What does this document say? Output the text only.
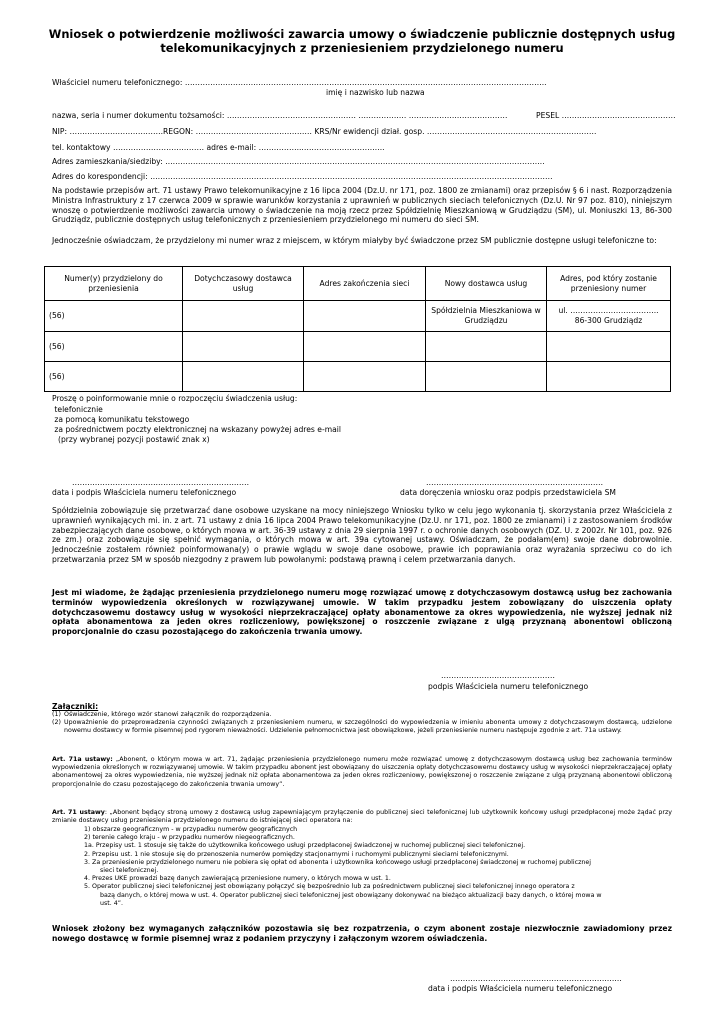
Wniosek o potwierdzenie możliwości zawarcia umowy o świadczenie publicznie dostępnych usług
telekomunikacyjnych z przeniesieniem przydzielonego numeru
Właściciel numeru telefonicznego: ……………………………………………………………………………………………………………………………..
imię i nazwisko lub nazwa
nazwa, seria i numer dokumentu tożsamości: …………………………………………… ………………. …………………………………	PESEL ………………………………………
NIP: ……………………………….REGON: ………………………………………. KRS/Nr ewidencji dział. gosp. ………………………………………………………….
tel. kontaktowy ……………………………… adres e-mail: ……………...…………………………..
Adres zamieszkania/siedziby: ……………………………………………………………………………………………………………………………………
Adres do korespondencji: ……………………………………………………………………………………………………………………………………………
Na podstawie przepisów art. 71 ustawy Prawo telekomunikacyjne z 16 lipca 2004 (Dz.U. nr 171, poz. 1800 ze zmianami) oraz przepisów § 6 i nast. Rozporządzenia Ministra Infrastruktury z 17 czerwca 2009 w sprawie warunków korzystania z uprawnień w publicznych sieciach telefonicznych (Dz.U. Nr 97 poz. 810), niniejszym wnoszę o potwierdzenie możliwości zawarcia umowy o świadczenie na moją rzecz przez Spółdzielnię Mieszkaniową w Grudziądzu (SM), ul. Moniuszki 13, 86-300 Grudziądz, publicznie dostępnych usług telefonicznych z przeniesieniem przydzielonego mi numeru do sieci SM.
Jednocześnie oświadczam, że przydzielony mi numer wraz z miejscem, w którym miałyby być świadczone przez SM publicznie dostępne usługi telefoniczne to:
Numer(y) przydzielony do przeniesienia	Dotychczasowy dostawca usług	Adres zakończenia sieci	Nowy dostawca usług	Adres, pod który zostanie przeniesiony numer
(56)			Spółdzielnia Mieszkaniowa w Grudziądzu	ul. ……………………………..
86-300 Grudziądz

(56)				
(56)				
Proszę o poinformowanie mnie o rozpoczęciu świadczenia usług:
telefonicznie
za pomocą komunikatu tekstowego
za pośrednictwem poczty elektronicznej na wskazany powyżej adres e-mail
(przy wybranej pozycji postawić znak x)
……………………………………………………….……
data i podpis Właściciela numeru telefonicznego
……………………………………………………….……
data doręczenia wniosku oraz podpis przedstawiciela SM
Spółdzielnia zobowiązuje się przetwarzać dane osobowe uzyskane na mocy niniejszego Wniosku tylko w celu jego wykonania tj. skorzystania przez Właściciela z uprawnień wynikających mi. in. z art. 71 ustawy z dnia 16 lipca 2004 Prawo telekomunikacyjne (Dz.U. nr 171, poz. 1800 ze zmianami) i z zastosowaniem środków zabezpieczających dane osobowe, o których mowa w art. 36-39 ustawy z dnia 29 sierpnia 1997 r. o ochronie danych osobowych (DZ. U. z 2002r. Nr 101, poz. 926 ze zm.) oraz zobowiązuje się spełnić wymagania, o których mowa w art. 39a cytowanej ustawy. Oświadczam, że podałam(em) swoje dane dobrowolnie. Jednocześnie zostałem również poinformowana(y) o prawie wglądu w swoje dane osobowe, prawie ich poprawiania oraz wyrażania sprzeciwu co do ich przetwarzania przez SM w sposób niezgodny z prawem lub powołanymi: podstawą prawną i celem przetwarzania danych.
Jest mi wiadome, że żądając przeniesienia przydzielonego numeru mogę rozwiązać umowę z dotychczasowym dostawcą usług bez zachowania terminów wypowiedzenia określonych w rozwiązywanej umowie. W takim przypadku jestem zobowiązany do uiszczenia opłaty dotychczasowemu dostawcy usług w wysokości nieprzekraczającej opłaty abonamentowe za okres wypowiedzenia, nie wyższej jednak niż opłata abonamentowa za jeden okres rozliczeniowy, powiększonej o roszczenie związane z ulgą przyznaną abonentowi obliczoną proporcjonalnie do czasu pozostającego do zakończenia trwania umowy.
………………………………………
podpis Właściciela numeru telefonicznego
Załączniki:
(1) Oświadczenie, którego wzór stanowi załącznik do rozporządzenia.
(2) Upoważnienie do przeprowadzenia czynności związanych z przeniesieniem numeru, w szczególności do wypowiedzenia w imieniu abonenta umowy z dotychczasowym dostawcą, udzielone nowemu dostawcy w formie pisemnej pod rygorem nieważności. Udzielenie pełnomocnictwa jest obowiązkowe, jeżeli przeniesienie numeru następuje zgodnie z art. 71a ustawy.
Art. 71a ustawy: „Abonent, o którym mowa w art. 71, żądając przeniesienia przydzielonego numeru może rozwiązać umowę z dotychczasowym dostawcą usług bez zachowania terminów wypowiedzenia określonych w rozwiązywanej umowie. W takim przypadku abonent jest obowiązany do uiszczenia opłaty dotychczasowemu dostawcy usług w wysokości nieprzekraczającej opłaty abonamentowej za okres wypowiedzenia, nie wyższej jednak niż opłata abonamentowa za jeden okres rozliczeniowy, powiększonej o roszczenie związane z ulgą przyznaną abonentowi obliczoną proporcjonalnie do czasu pozostającego do zakończenia trwania umowy”.
Art. 71 ustawy: „Abonent będący stroną umowy z dostawcą usług zapewniającym przyłączenie do publicznej sieci telefonicznej lub użytkownik końcowy usługi przedpłaconej może żądać przy zmianie dostawcy usług przeniesienia przydzielonego numeru do istniejącej sieci operatora na:
1) obszarze geograficznym - w przypadku numerów geograficznych
2) terenie całego kraju - w przypadku numerów niegeograficznych.
1a. Przepisy ust. 1 stosuje się także do użytkownika końcowego usługi przedpłaconej świadczonej w ruchomej publicznej sieci telefonicznej.
2. Przepisu ust. 1 nie stosuje się do przenoszenia numerów pomiędzy stacjonarnymi i ruchomymi publicznymi sieciami telefonicznymi.
3. Za przeniesienie przydzielonego numeru nie pobiera się opłat od abonenta i użytkownika końcowego usługi przedpłaconej świadczonej w ruchomej publicznej
sieci telefonicznej.
4. Prezes UKE prowadzi bazę danych zawierającą przeniesione numery, o których mowa w ust. 1.
5. Operator publicznej sieci telefonicznej jest obowiązany połączyć się bezpośrednio lub za pośrednictwem publicznej sieci telefonicznej innego operatora z
bazą danych, o której mowa w ust. 4. Operator publicznej sieci telefonicznej jest obowiązany dokonywać na bieżąco aktualizacji bazy danych, o której mowa w
ust. 4”.
Wniosek złożony bez wymaganych załączników pozostawia się bez rozpatrzenia, o czym abonent zostaje niezwłocznie zawiadomiony przez nowego dostawcę w formie pisemnej wraz z podaniem przyczyny i załączonym wzorem oświadczenia.
……………………………………………………..……
data i podpis Właściciela numeru telefonicznego
